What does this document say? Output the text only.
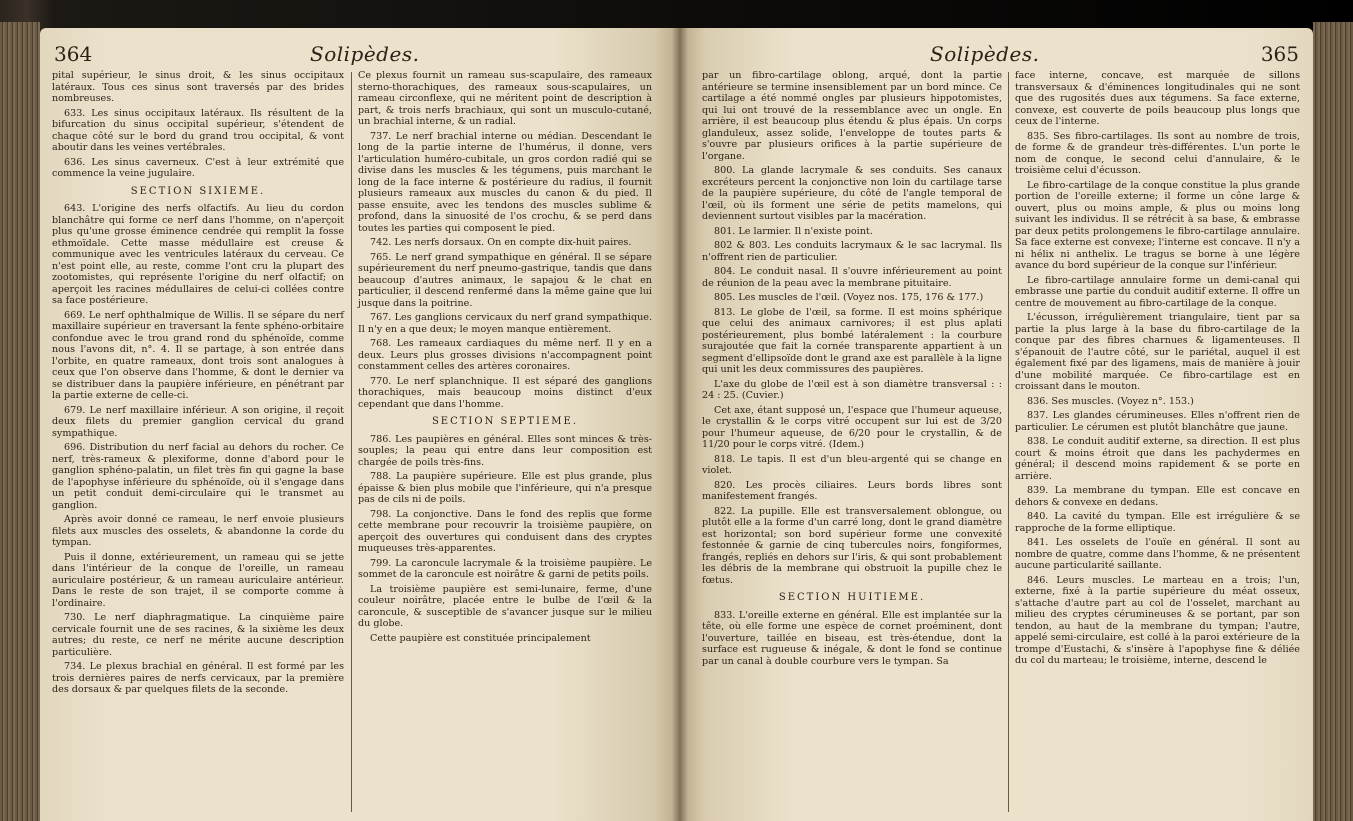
364	Solipèdes.

pital supérieur, le sinus droit, & les sinus occipitaux latéraux. Tous ces sinus sont traversés par des brides nombreuses.

633. Les sinus occipitaux latéraux. Ils résultent de la bifurcation du sinus occipital supérieur, s'étendent de chaque côté sur le bord du grand trou occipital, & vont aboutir dans les veines vertébrales.

636. Les sinus caverneux. C'est à leur extrémité que commence la veine jugulaire.

SECTION SIXIEME.

643. L'origine des nerfs olfactifs. Au lieu du cordon blanchâtre qui forme ce nerf dans l'homme, on n'aperçoit plus qu'une grosse éminence cendrée qui remplit la fosse ethmoïdale. Cette masse médullaire est creuse & communique avec les ventricules latéraux du cerveau. Ce n'est point elle, au reste, comme l'ont cru la plupart des zootomistes, qui représente l'origine du nerf olfactif; on aperçoit les racines médullaires de celui-ci collées contre sa face postérieure.

669. Le nerf ophthalmique de Willis. Il se sépare du nerf maxillaire supérieur en traversant la fente sphéno-orbitaire confondue avec le trou grand rond du sphénoïde, comme nous l'avons dit, n°. 4. Il se partage, à son entrée dans l'orbite, en quatre rameaux, dont trois sont analogues à ceux que l'on observe dans l'homme, & dont le dernier va se distribuer dans la paupière inférieure, en pénétrant par la partie externe de celle-ci.

679. Le nerf maxillaire inférieur. A son origine, il reçoit deux filets du premier ganglion cervical du grand sympathique.

696. Distribution du nerf facial au dehors du rocher. Ce nerf, très-rameux & plexiforme, donne d'abord pour le ganglion sphéno-palatin, un filet très fin qui gagne la base de l'apophyse inférieure du sphénoïde, où il s'engage dans un petit conduit demi-circulaire qui le transmet au ganglion.

Après avoir donné ce rameau, le nerf envoie plusieurs filets aux muscles des osselets, & abandonne la corde du tympan.

Puis il donne, extérieurement, un rameau qui se jette dans l'intérieur de la conque de l'oreille, un rameau auriculaire postérieur, & un rameau auriculaire antérieur. Dans le reste de son trajet, il se comporte comme à l'ordinaire.

730. Le nerf diaphragmatique. La cinquième paire cervicale fournit une de ses racines, & la sixième les deux autres; du reste, ce nerf ne mérite aucune description particulière.

734. Le plexus brachial en général. Il est formé par les trois dernières paires de nerfs cervicaux, par la première des dorsaux & par quelques filets de la seconde.

Ce plexus fournit un rameau sus-scapulaire, des rameaux sterno-thorachiques, des rameaux sous-scapulaires, un rameau circonflexe, qui ne méritent point de description à part, & trois nerfs brachiaux, qui sont un musculo-cutané, un brachial interne, & un radial.

737. Le nerf brachial interne ou médian. Descendant le long de la partie interne de l'humérus, il donne, vers l'articulation huméro-cubitale, un gros cordon radié qui se divise dans les muscles & les tégumens, puis marchant le long de la face interne & postérieure du radius, il fournit plusieurs rameaux aux muscles du canon & du pied. Il passe ensuite, avec les tendons des muscles sublime & profond, dans la sinuosité de l'os crochu, & se perd dans toutes les parties qui composent le pied.

742. Les nerfs dorsaux. On en compte dix-huit paires.

765. Le nerf grand sympathique en général. Il se sépare supérieurement du nerf pneumo-gastrique, tandis que dans beaucoup d'autres animaux, le sapajou & le chat en particulier, il descend renfermé dans la même gaine que lui jusque dans la poitrine.

767. Les ganglions cervicaux du nerf grand sympathique. Il n'y en a que deux; le moyen manque entièrement.

768. Les rameaux cardiaques du même nerf. Il y en a deux. Leurs plus grosses divisions n'accompagnent point constamment celles des artères coronaires.

770. Le nerf splanchnique. Il est séparé des ganglions thorachiques, mais beaucoup moins distinct d'eux cependant que dans l'homme.

SECTION SEPTIEME.

786. Les paupières en général. Elles sont minces & très-souples; la peau qui entre dans leur composition est chargée de poils très-fins.

788. La paupière supérieure. Elle est plus grande, plus épaisse & bien plus mobile que l'inférieure, qui n'a presque pas de cils ni de poils.

798. La conjonctive. Dans le fond des replis que forme cette membrane pour recouvrir la troisième paupière, on aperçoit des ouvertures qui conduisent dans des cryptes muqueuses très-apparentes.

799. La caroncule lacrymale & la troisième paupière. Le sommet de la caroncule est noirâtre & garni de petits poils.

La troisième paupière est semi-lunaire, ferme, d'une couleur noirâtre, placée entre le bulbe de l'œil & la caroncule, & susceptible de s'avancer jusque sur le milieu du globe.

Cette paupière est constituée principalement

Solipèdes.	365

par un fibro-cartilage oblong, arqué, dont la partie antérieure se termine insensiblement par un bord mince. Ce cartilage a été nommé ongles par plusieurs hippotomistes, qui lui ont trouvé de la ressemblance avec un ongle. En arrière, il est beaucoup plus étendu & plus épais. Un corps glanduleux, assez solide, l'enveloppe de toutes parts & s'ouvre par plusieurs orifices à la partie supérieure de l'organe.

800. La glande lacrymale & ses conduits. Ses canaux excréteurs percent la conjonctive non loin du cartilage tarse de la paupière supérieure, du côté de l'angle temporal de l'œil, où ils forment une série de petits mamelons, qui deviennent surtout visibles par la macération.

801. Le larmier. Il n'existe point.

802 & 803. Les conduits lacrymaux & le sac lacrymal. Ils n'offrent rien de particulier.

804. Le conduit nasal. Il s'ouvre inférieurement au point de réunion de la peau avec la membrane pituitaire.

805. Les muscles de l'œil. (Voyez nos. 175, 176 & 177.)

813. Le globe de l'œil, sa forme. Il est moins sphérique que celui des animaux carnivores; il est plus aplati postérieurement, plus bombé latéralement : la courbure surajoutée que fait la cornée transparente appartient à un segment d'ellipsoïde dont le grand axe est parallèle à la ligne qui unit les deux commissures des paupières.

L'axe du globe de l'œil est à son diamètre transversal : : 24 : 25. (Cuvier.)

Cet axe, étant supposé un, l'espace que l'humeur aqueuse, le crystallin & le corps vitré occupent sur lui est de 3/20 pour l'humeur aqueuse, de 6/20 pour le crystallin, & de 11/20 pour le corps vitré. (Idem.)

818. Le tapis. Il est d'un bleu-argenté qui se change en violet.

820. Les procès ciliaires. Leurs bords libres sont manifestement frangés.

822. La pupille. Elle est transversalement oblongue, ou plutôt elle a la forme d'un carré long, dont le grand diamètre est horizontal; son bord supérieur forme une convexité festonnée & garnie de cinq tubercules noirs, fongiformes, frangés, repliés en dehors sur l'iris, & qui sont probablement les débris de la membrane qui obstruoit la pupille chez le fœtus.

SECTION HUITIEME.

833. L'oreille externe en général. Elle est implantée sur la tête, où elle forme une espèce de cornet proéminent, dont l'ouverture, taillée en biseau, est très-étendue, dont la surface est rugueuse & inégale, & dont le fond se continue par un canal à double courbure vers le tympan. Sa

face interne, concave, est marquée de sillons transversaux & d'éminences longitudinales qui ne sont que des rugosités dues aux tégumens. Sa face externe, convexe, est couverte de poils beaucoup plus longs que ceux de l'interne.

835. Ses fibro-cartilages. Ils sont au nombre de trois, de forme & de grandeur très-différentes. L'un porte le nom de conque, le second celui d'annulaire, & le troisième celui d'écusson.

Le fibro-cartilage de la conque constitue la plus grande portion de l'oreille externe; il forme un cône large & ouvert, plus ou moins ample, & plus ou moins long suivant les individus. Il se rétrécit à sa base, & embrasse par deux petits prolongemens le fibro-cartilage annulaire. Sa face externe est convexe; l'interne est concave. Il n'y a ni hélix ni anthelix. Le tragus se borne à une légère avance du bord supérieur de la conque sur l'inférieur.

Le fibro-cartilage annulaire forme un demi-canal qui embrasse une partie du conduit auditif externe. Il offre un centre de mouvement au fibro-cartilage de la conque.

L'écusson, irrégulièrement triangulaire, tient par sa partie la plus large à la base du fibro-cartilage de la conque par des fibres charnues & ligamenteuses. Il s'épanouit de l'autre côté, sur le pariétal, auquel il est également fixé par des ligamens, mais de manière à jouir d'une mobilité marquée. Ce fibro-cartilage est en croissant dans le mouton.

836. Ses muscles. (Voyez n°. 153.)

837. Les glandes cérumineuses. Elles n'offrent rien de particulier. Le cérumen est plutôt blanchâtre que jaune.

838. Le conduit auditif externe, sa direction. Il est plus court & moins étroit que dans les pachydermes en général; il descend moins rapidement & se porte en arrière.

839. La membrane du tympan. Elle est concave en dehors & convexe en dedans.

840. La cavité du tympan. Elle est irrégulière & se rapproche de la forme elliptique.

841. Les osselets de l'ouïe en général. Il sont au nombre de quatre, comme dans l'homme, & ne présentent aucune particularité saillante.

846. Leurs muscles. Le marteau en a trois; l'un, externe, fixé à la partie supérieure du méat osseux, s'attache d'autre part au col de l'osselet, marchant au milieu des cryptes cérumineuses & se portant, par son tendon, au haut de la membrane du tympan; l'autre, appelé semi-circulaire, est collé à la paroi extérieure de la trompe d'Eustachi, & s'insère à l'apophyse fine & déliée du col du marteau; le troisième, interne, descend le
